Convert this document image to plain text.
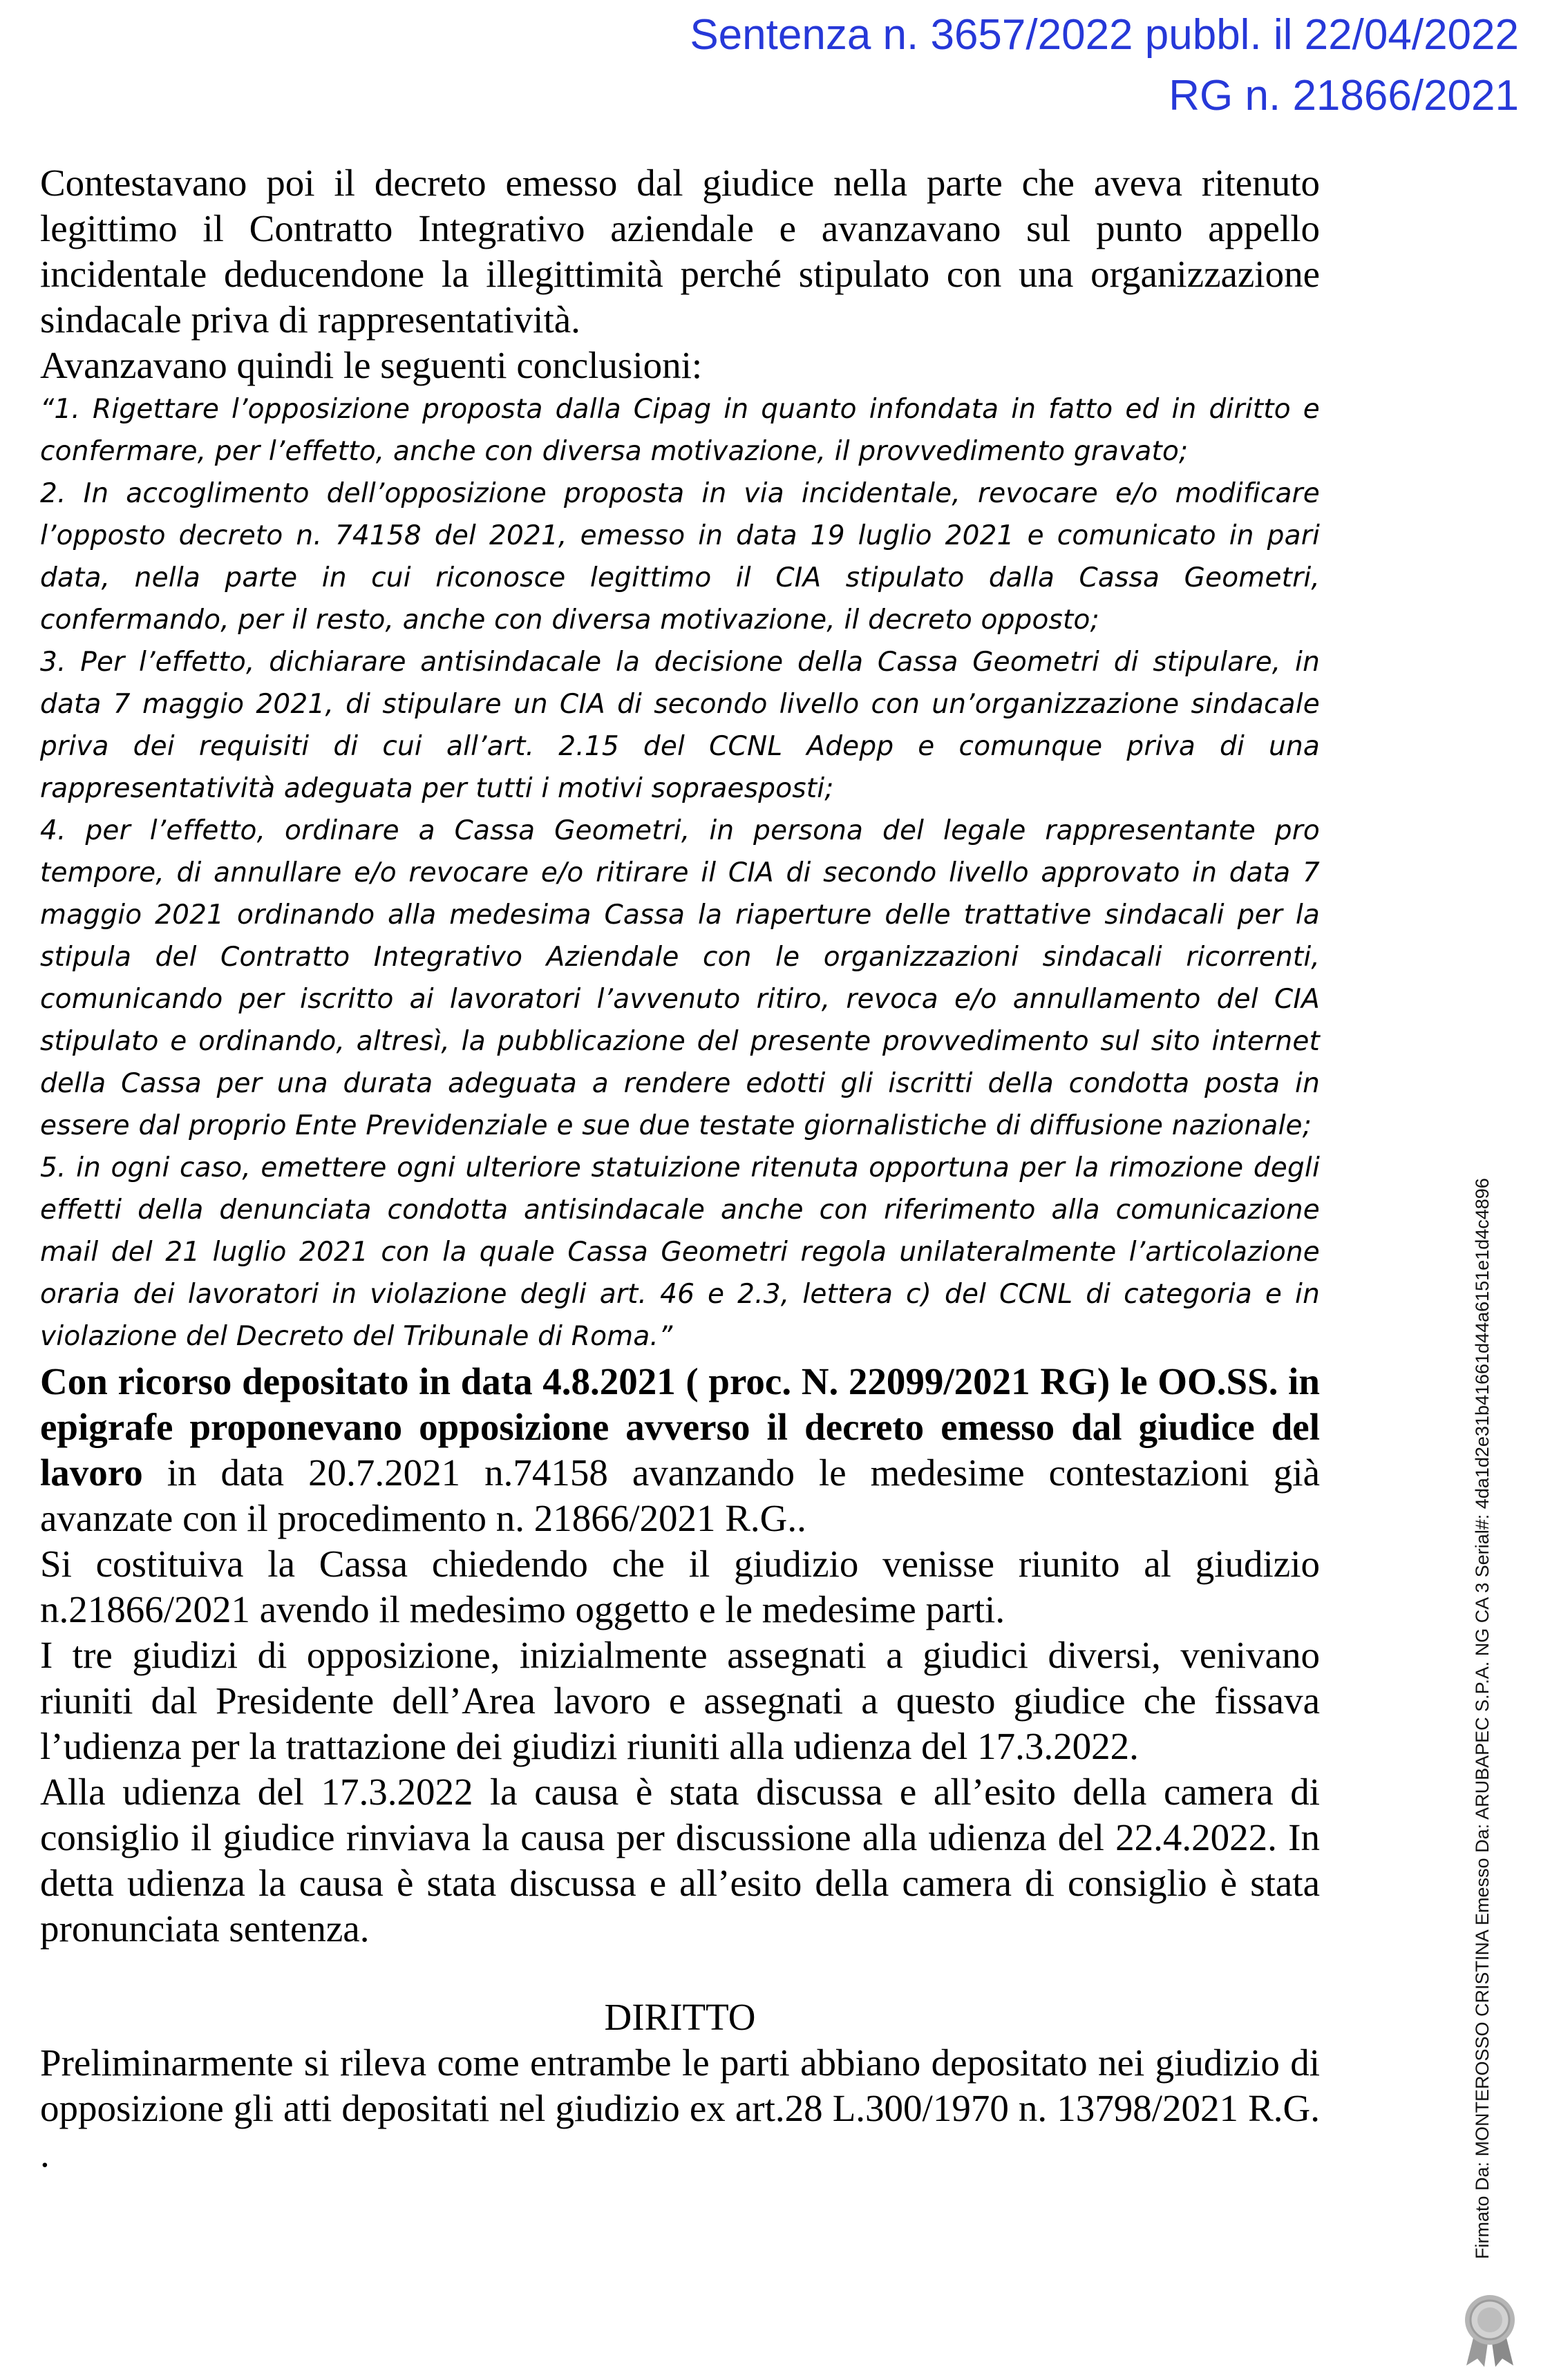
Sentenza n. 3657/2022 pubbl. il 22/04/2022
RG n. 21866/2021

Contestavano poi il decreto emesso dal giudice nella parte che aveva ritenuto legittimo il Contratto Integrativo aziendale e avanzavano sul punto appello incidentale deducendone la illegittimità perché stipulato con una organizzazione sindacale priva di rappresentatività.

Avanzavano quindi le seguenti conclusioni:

“1. Rigettare l’opposizione proposta dalla Cipag in quanto infondata in fatto ed in diritto e confermare, per l’effetto, anche con diversa motivazione, il provvedimento gravato;

2. In accoglimento dell’opposizione proposta in via incidentale, revocare e/o modificare l’opposto decreto n. 74158 del 2021, emesso in data 19 luglio 2021 e comunicato in pari data, nella parte in cui riconosce legittimo il CIA stipulato dalla Cassa Geometri, confermando, per il resto, anche con diversa motivazione, il decreto opposto;

3. Per l’effetto, dichiarare antisindacale la decisione della Cassa Geometri di stipulare, in data 7 maggio 2021, di stipulare un CIA di secondo livello con un’organizzazione sindacale priva dei requisiti di cui all’art. 2.15 del CCNL Adepp e comunque priva di una rappresentatività adeguata per tutti i motivi sopraesposti;

4. per l’effetto, ordinare a Cassa Geometri, in persona del legale rappresentante pro tempore, di annullare e/o revocare e/o ritirare il CIA di secondo livello approvato in data 7 maggio 2021 ordinando alla medesima Cassa la riaperture delle trattative sindacali per la stipula del Contratto Integrativo Aziendale con le organizzazioni sindacali ricorrenti, comunicando per iscritto ai lavoratori l’avvenuto ritiro, revoca e/o annullamento del CIA stipulato e ordinando, altresì, la pubblicazione del presente provvedimento sul sito internet della Cassa per una durata adeguata a rendere edotti gli iscritti della condotta posta in essere dal proprio Ente Previdenziale e sue due testate giornalistiche di diffusione nazionale;

5. in ogni caso, emettere ogni ulteriore statuizione ritenuta opportuna per la rimozione degli effetti della denunciata condotta antisindacale anche con riferimento alla comunicazione mail del 21 luglio 2021 con la quale Cassa Geometri regola unilateralmente l’articolazione oraria dei lavoratori in violazione degli art. 46 e 2.3, lettera c) del CCNL di categoria e in violazione del Decreto del Tribunale di Roma.”

Con ricorso depositato in data 4.8.2021 ( proc. N. 22099/2021 RG) le OO.SS. in epigrafe proponevano opposizione avverso il decreto emesso dal giudice del lavoro in data 20.7.2021 n.74158 avanzando le medesime contestazioni già avanzate con il procedimento n. 21866/2021 R.G..

Si costituiva la Cassa chiedendo che il giudizio venisse riunito al giudizio n.21866/2021 avendo il medesimo oggetto e le medesime parti.

I tre giudizi di opposizione, inizialmente assegnati a giudici diversi, venivano riuniti dal Presidente dell’Area lavoro e assegnati a questo giudice che fissava l’udienza per la trattazione dei giudizi riuniti alla udienza del 17.3.2022.

Alla udienza del 17.3.2022 la causa è stata discussa e all’esito della camera di consiglio il giudice rinviava la causa per discussione alla udienza del 22.4.2022. In detta udienza la causa è stata discussa e all’esito della camera di consiglio è stata pronunciata sentenza.

DIRITTO

Preliminarmente si rileva come entrambe le parti abbiano depositato nei giudizio di opposizione gli atti depositati nel giudizio ex art.28 L.300/1970 n. 13798/2021 R.G. .	Firmato Da: MONTEROSSO CRISTINA Emesso Da: ARUBAPEC S.P.A. NG CA 3 Serial#: 4da1d2e31b41661d44a6151e1d4c4896
